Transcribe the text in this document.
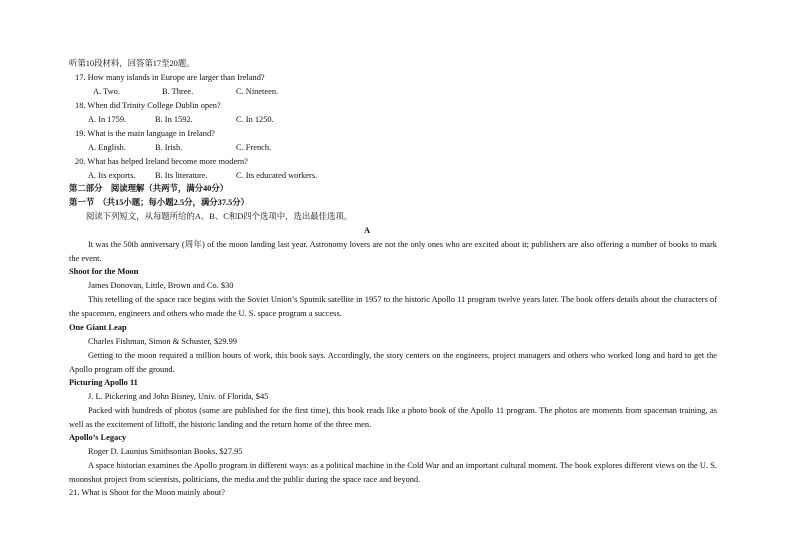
听第10段材料，回答第17至20题。
17. How many islands in Europe are larger than Ireland?
A. Two.	B. Three.	C. Nineteen.
18. When did Trinity College Dublin open?
A. In 1759.	B. In 1592.	C. In 1250.
19. What is the main language in Ireland?
A. English.	B. Irish.	C. French.
20. What has helped Ireland become more modern?
A. Its exports. B. Its literature.	C. Its educated workers.
第二部分　阅读理解（共两节，满分40分）
第一节　（共15小题；每小题2.5分，满分37.5分）
阅读下列短文，从每题所给的A、B、C和D四个选项中，选出最佳选项。
A
It was the 50th anniversary (周年) of the moon landing last year. Astronomy lovers are not the only ones who are excited about it; publishers are also offering a number of books to mark the event.
Shoot for the Moon
James Donovan, Little, Brown and Co. $30
This retelling of the space race begins with the Soviet Union’s Sputnik satellite in 1957 to the historic Apollo 11 program twelve years later. The book offers details about the characters of the spacemen, engineers and others who made the U. S. space program a success.
One Giant Leap
Charles Fishman, Simon & Schuster, $29.99
Getting to the moon required a million hours of work, this book says. Accordingly, the story centers on the engineers, project managers and others who worked long and hard to get the Apollo program off the ground.
Picturing Apollo 11
J. L. Pickering and John Bisney, Univ. of Florida, $45
Packed with hundreds of photos (some are published for the first time), this book reads like a photo book of the Apollo 11 program. The photos are moments from spaceman training, as well as the excitement of liftoff, the historic landing and the return home of the three men.
Apollo’s Legacy
Roger D. Launius Smithsonian Books, $27.95
A space historian examines the Apollo program in different ways: as a political machine in the Cold War and an important cultural moment. The book explores different views on the U. S. moonshot project from scientists, politicians, the media and the public during the space race and beyond.
21. What is Shoot for the Moon mainly about?
